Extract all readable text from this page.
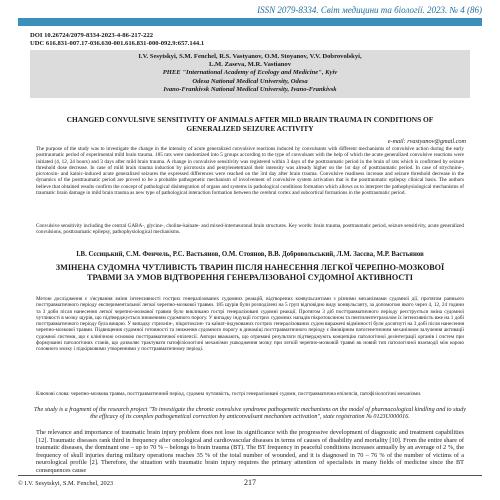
ISSN 2079-8334. Світ медицини та біології. 2023. № 4 (86)
DOI 10.26724/2079-8334-2023-4-86-217-222
UDC 616.831-007.17-036.630-001.616.831-000-092.9:657.144.1
I.V. Sesytskyi, S.M. Fenchel, R.S. Vastyanov, O.M. Stoyanov, V.V. Dobrovolskyi,
L.M. Zaseva, M.R. Vastianov
PHEE "International Academy of Ecology and Medicine", Kyiv
Odesa National Medical University, Odesa
Ivano-Frankivsk National Medical University, Ivano-Frankivsk
CHANGED CONVULSIVE SENSITIVITY OF ANIMALS AFTER MILD BRAIN TRAUMA IN CONDITIONS OF GENERALIZED SEIZURE ACTIVITY
e-mail: rvastyanov@gmail.com
The purpose of the study was to investigate the change in the intensity of acute generalized convulsive reactions induced by convulsants with different mechanisms of convulsive action during the early posttraumatic period of experimental mild brain trauma. 185 rats were randomized into 5 groups according to the type of convulsant with the help of which the acute generalized convulsive reactions were initiated (4, 12, 24 hours) and 3 days after mild brain trauma. A change in convulsive sensitivity was registered within 3 days of the posttraumatic period in the brain of rats which is confirmed by seizure threshold dose decrease. In case of mild brain trauma induction by picrotoxin and pentylenetetrazol their intensity was already higher on the 1st day of posttraumatic period. In case of strychnine-, picrotoxin- and kainic-induced acute generalized seizures the expressed differences were reached on the 3rd day after brain trauma. Convulsive readiness increase and seizure threshold decrease in the dynamics of the posttraumatic period are proved to be a probable pathogenetic mechanism of involvement of convulsive system activation that is the posttraumatic epilepsy clinical basis. The authors believe that obtained results confirm the concept of pathological disintegration of organs and systems in pathological conditions formation which allows us to interpret the pathophysiological mechanisms of traumatic brain damage in mild brain trauma as new type of pathological interaction formation between the cerebral cortex and subcortical formations in the posttraumatic period.
Convulsive sensitivity including the central GABA-, glycine-, choline-kainate- and mixed-interneuronal brain structures. Key words: brain trauma, posttraumatic period, seizure sensitivity, acute generalized convulsions, posttraumatic epilepsy, pathophysiological mechanisms.
І.В. Сєсицький, С.М. Фенчель, Р.С. Вастьянов, О.М. Стоянов, В.В. Добровольський, Л.М. Засєва, М.Р. Вастьянов
ЗМІНЕНА СУДОМНА ЧУТЛИВІСТЬ ТВАРИН ПІСЛЯ НАНЕСЕННЯ ЛЕГКОЇ ЧЕРЕПНО-МОЗКОВОЇ ТРАВМИ ЗА УМОВ ВІДТВОРЕННЯ ГЕНЕРАЛІЗОВАНОЇ СУДОМНОЇ АКТИВНОСТІ
Метою дослідження є з'ясування зміни інтенсивності гострих генералізованих судомних реакцій, відтворених конвульсантами з різними механізмами судомної дії, протягом раннього посттравматичного періоду експериментальної легкої черепно-мозкової травми. 185 щурів були розподілені на 5 груп відповідно виду конвульсанту, за допомогою якого через 4, 12, 24 години та 3 доби після нанесення легкої черепно-мозкової травми було викликано гострі генералізовані судомні реакції. Протягом 3 діб посттравматичного періоду реєструється зміна судомної чутливості в мозку щурів, що підтверджується зниженням судомного порогу. У випадку індукції гострих судомних нападів пікротоксином та пентилентетразолом їх інтенсивність вже на 1 добі посттравматичного періоду була вищою. У випадку стрихнін-, пікротоксин- та каїнат-індукованих гострих генералізованих судом виражені відмінності були досягнуті на 3 добі після нанесення черепно-мозкової травми. Підвищення судомної готовності та зниження судомного порогу в динаміці посттравматичного періоду є ймовірним патогенетичним механізмом залучення активації судомної системи, що є клінічною основою посттравматичної епілепсії. Автори вважають, що отримані результати підтверджують концепцію патологічної дезінтеграції органів і систем при формуванні патологічних станів, що дозволяє трактувати патофізіологічні механізми ушкодження мозку при легкій черепно-мозковій травмі як новий тип патологічної взаємодії між корою головного мозку і підкірковими утвореннями у посттравматичному періоді.
Ключові слова: черепно-мозкова травма, посттравматичний період, судомна чутливість, гострі генералізовані судоми, посттравматична епілепсія, патофізіологічні механізми.
The study is a fragment of the research project "To investigate the chronic convulsive syndrome pathogenetic mechanisms on the model of pharmacological kindling and to study the efficacy of its complex pathogenetical correction by anticonvulsant mechanism activation", state registration № 0123U000016.
The relevance and importance of traumatic brain injury problem does not lose its significance with the progressive development of diagnostic and treatment capabilities [12]. Traumatic diseases rank third in frequency after oncological and cardiovascular diseases in terms of causes of disability and mortality [10]. From the entire share of traumatic diseases, the dominant one – up to 70 % – belongs to brain trauma (BT). The BT frequency in peaceful conditions increases annually by an average of 2 %, the frequency of skull injuries during military operations reaches 35 % of the total number of wounded, and it is diagnosed in 70 – 76 % of the number of victims of a neurological profile [2]. Therefore, the situation with traumatic brain injury requires the primary attention of specialists in many fields of medicine since the BT consequences cause
© I.V. Sesytskyi, S.M. Fenchel, 2023	217
